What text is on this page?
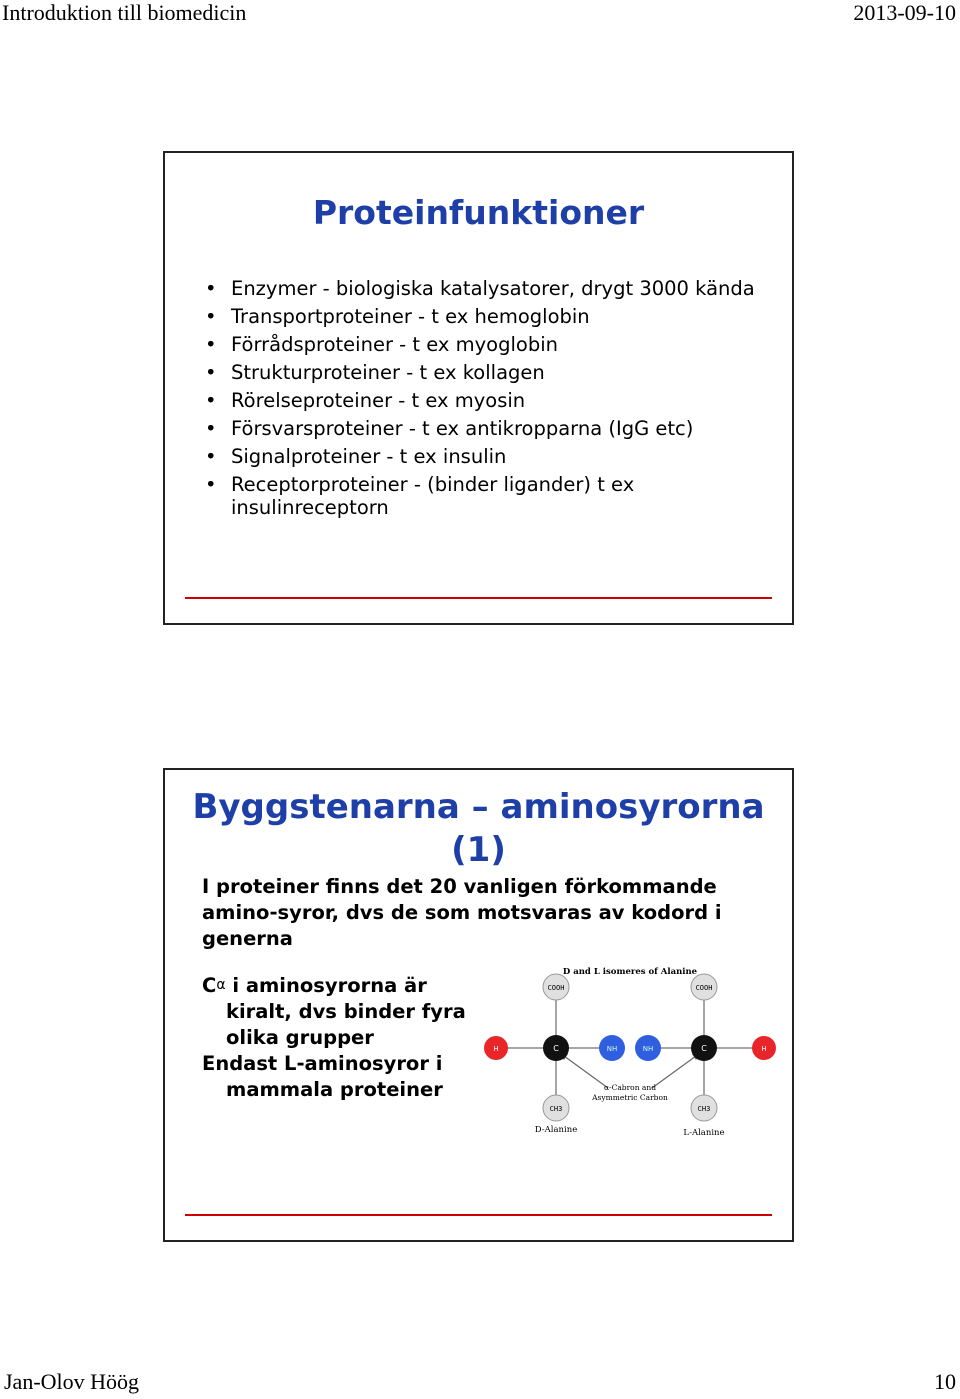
Introduktion till biomedicin	2013-09-10
Proteinfunktioner
• Enzymer - biologiska katalysatorer, drygt 3000 kända
• Transportproteiner - t ex hemoglobin
• Förrådsproteiner - t ex myoglobin
• Strukturproteiner - t ex kollagen
• Rörelseproteiner - t ex myosin
• Försvarsproteiner - t ex antikropparna (IgG etc)
• Signalproteiner - t ex insulin
• Receptorproteiner - (binder ligander) t ex insulinreceptorn
Byggstenarna – aminosyrorna
(1)
I proteiner finns det 20 vanligen förkommande amino-syror, dvs de som motsvaras av kodord i generna

Cα i aminosyrorna är kiralt, dvs binder fyra olika grupper

Endast L-aminosyror i mammala proteiner

D and L isomeres of Alanine
COOH
H	C	NH
CH3
COOH
NH	C	H
CH3
α-Cabron and
Asymmetric Carbon
D-Alanine	L-Alanine
Jan-Olov Höög	10
